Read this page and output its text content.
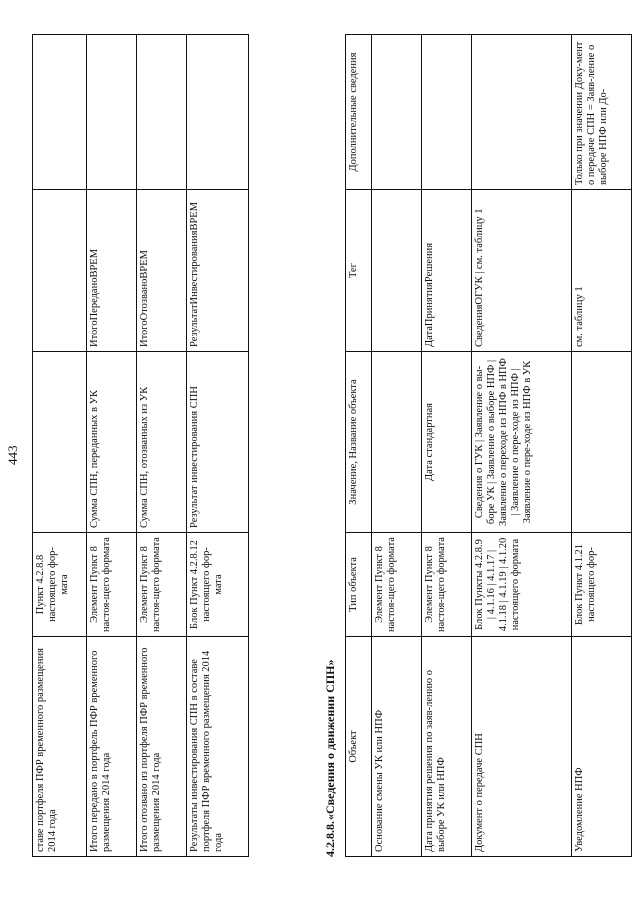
443
ставе портфеля ПФР временного размещения 2014 года	Пункт 4.2.8.8 настоящего фор-мата			
Итого передано в портфель ПФР временного размещения 2014 года	Элемент Пункт 8 настоя-щего формата	Сумма СПН, переданных в УК	ИтогоПереданоВРЕМ	
Итого отозвано из портфеля ПФР временного размещения 2014 года	Элемент Пункт 8 настоя-щего формата	Сумма СПН, отозванных из УК	ИтогоОтозваноВРЕМ	
Результаты инвестирования СПН в составе портфеля ПФР временного размещения 2014 года	Блок Пункт 4.2.8.12 настоящего фор-мата	Результат инвестирования СПН	РезультатИнвестированияВРЕМ	
4.2.8.8. «Сведения о движении СПН» Объект	Тип объекта	Значение, Название объекта	Тег	Дополнительные сведения
Основание смены УК или НПФ	Элемент Пункт 8 настоя-щего формата			
Дата принятия решения по заяв-лению о выборе УК или НПФ	Элемент Пункт 8 настоя-щего формата	Дата стандартная	ДатаПринятияРешения	
Документ о передаче СПН	Блок Пункты 4.2.8.9 | 4.1.16 | 4.1.17 | 4.1.18 | 4.1.19 | 4.1.20 настоящего формата	Сведения о ГУК | Заявление о вы-боре УК | Заявление о выборе НПФ | Заявление о переходе из НПФ в НПФ | Заявление о пере-ходе из НПФ | Заявление о пере-ходе из НПФ в УК	СведенияОГУК | см. таблицу 1	
Уведомление НПФ	Блок Пункт 4.1.21 настоящего фор-		см. таблицу 1	Только при значении Доку-мент о передаче СПН = Заяв-ление о выборе НПФ или До-
